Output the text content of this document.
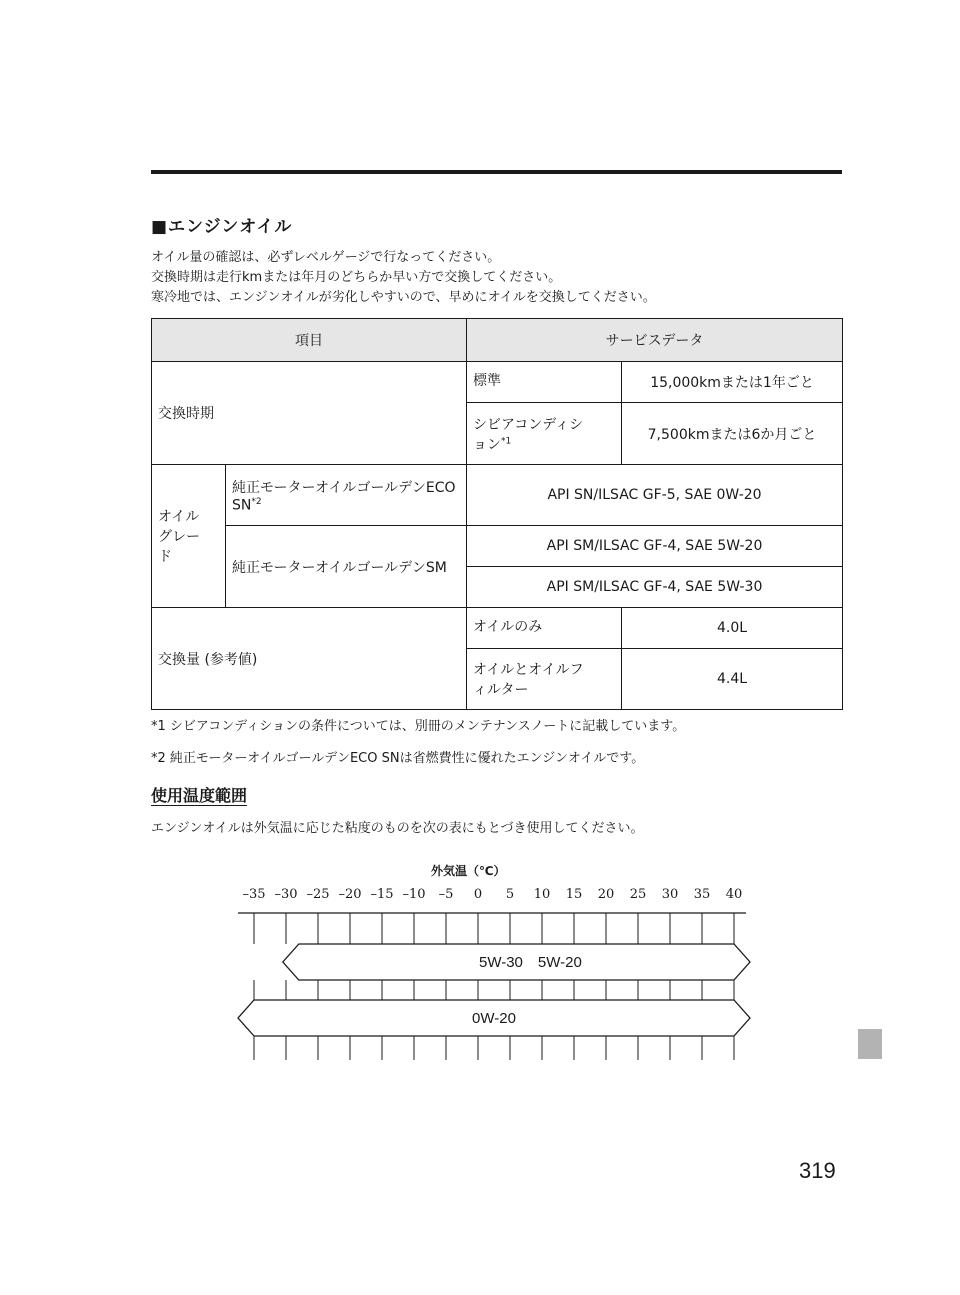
■エンジンオイル
オイル量の確認は、必ずレベルゲージで行なってください。
交換時期は走行kmまたは年月のどちらか早い方で交換してください。
寒冷地では、エンジンオイルが劣化しやすいので、早めにオイルを交換してください。
項目		サービスデータ	
交換時期		標準	15,000kmまたは1年ごと

		シビアコンディション$^{*1}$	7,500kmまたは6か月ごと

オイルグレード	純正モーターオイルゴールデンECO SN$^{*2}$	API SN/ILSAC GF-5, SAE 0W-20	

	純正モーターオイルゴールデンSM	API SM/ILSAC GF-4, SAE 5W-20	
		API SM/ILSAC GF-4, SAE 5W-30	
交換量 (参考値)		オイルのみ	4.0L

		オイルとオイルフィルター	4.4L
*1 シビアコンディションの条件については、別冊のメンテナンスノートに記載しています。
*2 純正モーターオイルゴールデンECO SNは省燃費性に優れたエンジンオイルです。
使用温度範囲
エンジンオイルは外気温に応じた粘度のものを次の表にもとづき使用してください。
外気温（℃）
–35 –30 –25 –20 –15 –10 –5 0 5 10 15 20 25 30 35 40
5W-30　5W-20
0W-20
319
